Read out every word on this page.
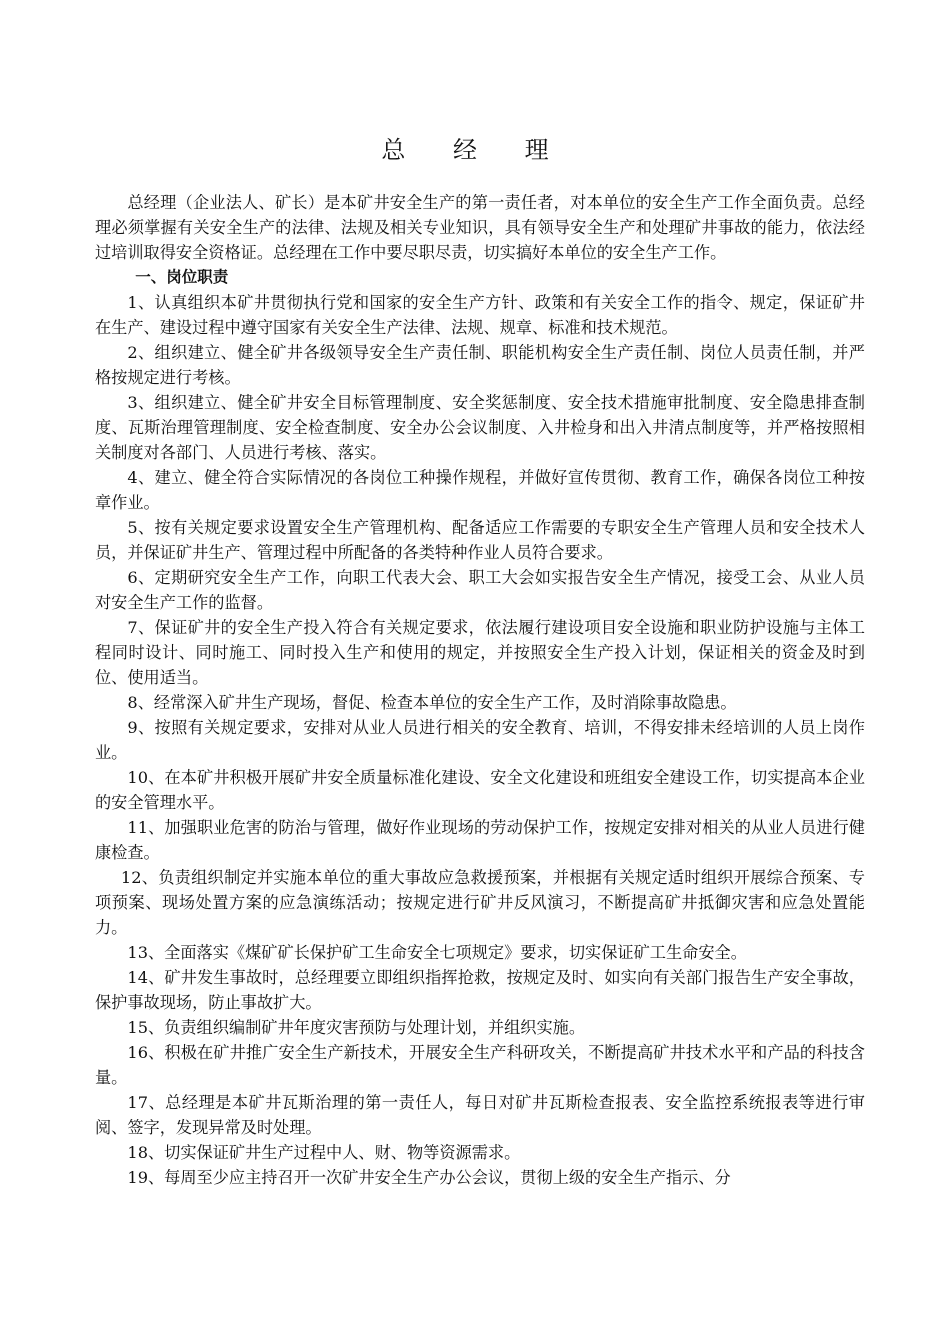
总 经 理

总经理（企业法人、矿长）是本矿井安全生产的第一责任者，对本单位的安全生产工作全面负责。总经理必须掌握有关安全生产的法律、法规及相关专业知识，具有领导安全生产和处理矿井事故的能力，依法经过培训取得安全资格证。总经理在工作中要尽职尽责，切实搞好本单位的安全生产工作。

一、岗位职责

1、认真组织本矿井贯彻执行党和国家的安全生产方针、政策和有关安全工作的指令、规定，保证矿井在生产、建设过程中遵守国家有关安全生产法律、法规、规章、标准和技术规范。

2、组织建立、健全矿井各级领导安全生产责任制、职能机构安全生产责任制、岗位人员责任制，并严格按规定进行考核。

3、组织建立、健全矿井安全目标管理制度、安全奖惩制度、安全技术措施审批制度、安全隐患排查制度、瓦斯治理管理制度、安全检查制度、安全办公会议制度、入井检身和出入井清点制度等，并严格按照相关制度对各部门、人员进行考核、落实。

4、建立、健全符合实际情况的各岗位工种操作规程，并做好宣传贯彻、教育工作，确保各岗位工种按章作业。

5、按有关规定要求设置安全生产管理机构、配备适应工作需要的专职安全生产管理人员和安全技术人员，并保证矿井生产、管理过程中所配备的各类特种作业人员符合要求。

6、定期研究安全生产工作，向职工代表大会、职工大会如实报告安全生产情况，接受工会、从业人员对安全生产工作的监督。

7、保证矿井的安全生产投入符合有关规定要求，依法履行建设项目安全设施和职业防护设施与主体工程同时设计、同时施工、同时投入生产和使用的规定，并按照安全生产投入计划，保证相关的资金及时到位、使用适当。

8、经常深入矿井生产现场，督促、检查本单位的安全生产工作，及时消除事故隐患。

9、按照有关规定要求，安排对从业人员进行相关的安全教育、培训，不得安排未经培训的人员上岗作业。

10、在本矿井积极开展矿井安全质量标准化建设、安全文化建设和班组安全建设工作，切实提高本企业的安全管理水平。

11、加强职业危害的防治与管理，做好作业现场的劳动保护工作，按规定安排对相关的从业人员进行健康检查。

12、负责组织制定并实施本单位的重大事故应急救援预案，并根据有关规定适时组织开展综合预案、专项预案、现场处置方案的应急演练活动；按规定进行矿井反风演习，不断提高矿井抵御灾害和应急处置能力。

13、全面落实《煤矿矿长保护矿工生命安全七项规定》要求，切实保证矿工生命安全。

14、矿井发生事故时，总经理要立即组织指挥抢救，按规定及时、如实向有关部门报告生产安全事故，保护事故现场，防止事故扩大。

15、负责组织编制矿井年度灾害预防与处理计划，并组织实施。

16、积极在矿井推广安全生产新技术，开展安全生产科研攻关，不断提高矿井技术水平和产品的科技含量。

17、总经理是本矿井瓦斯治理的第一责任人，每日对矿井瓦斯检查报表、安全监控系统报表等进行审阅、签字，发现异常及时处理。

18、切实保证矿井生产过程中人、财、物等资源需求。

19、每周至少应主持召开一次矿井安全生产办公会议，贯彻上级的安全生产指示、分
